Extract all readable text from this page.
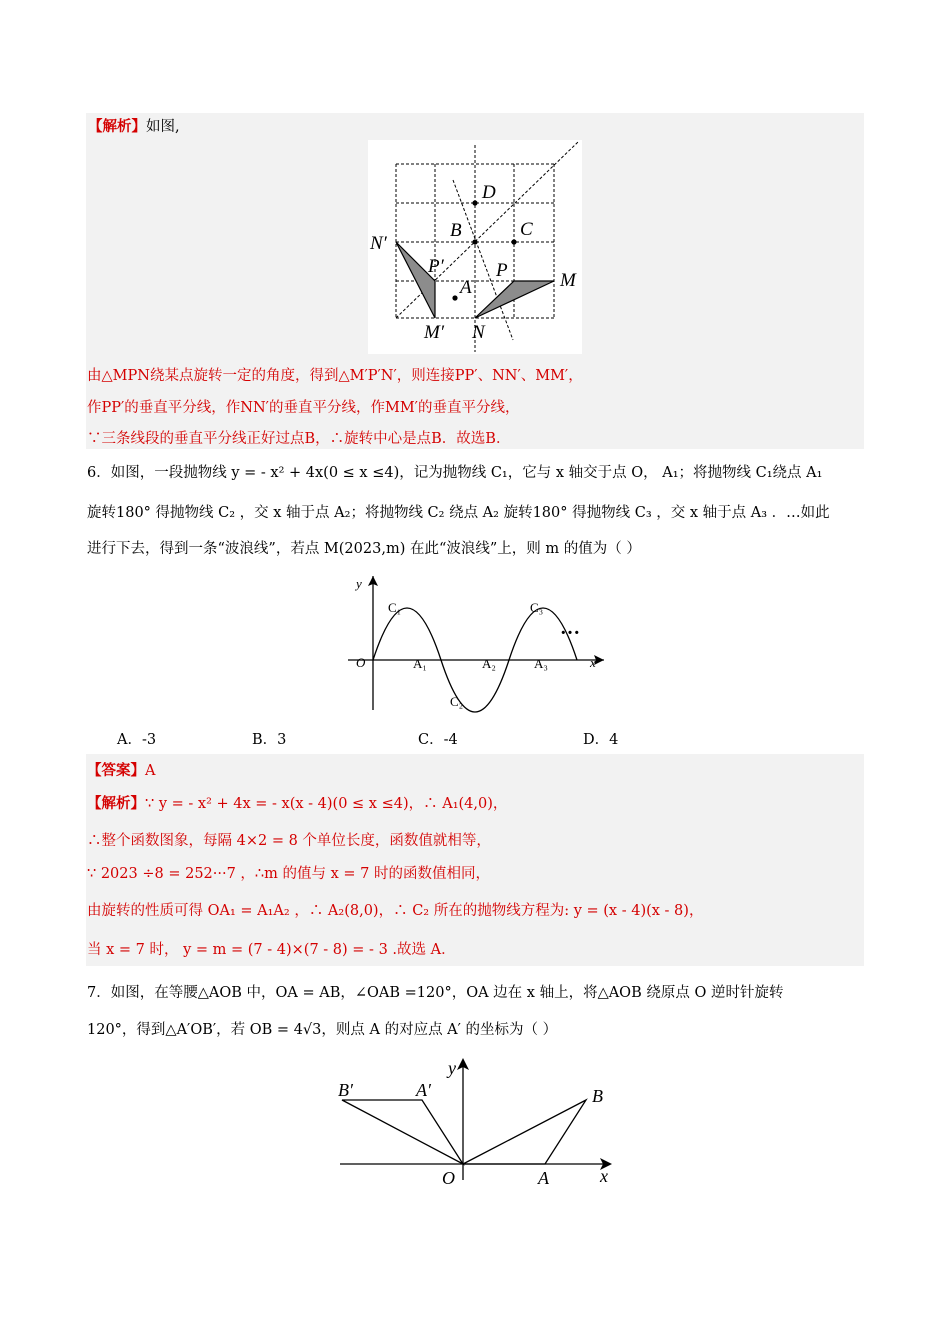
【解析】如图,
D
B	C
N′
P′	P	M
A
M′ N
由△MPN绕某点旋转一定的角度，得到△M′P′N′，则连接PP′、NN′、MM′，
作PP′的垂直平分线，作NN′的垂直平分线，作MM′的垂直平分线，
∵三条线段的垂直平分线正好过点B，∴旋转中心是点B．故选B．
6．如图，一段抛物线 y = - x² + 4x(0 ≤ x ≤4)，记为抛物线 C₁，它与 x 轴交于点 O， A₁；将抛物线 C₁绕点 A₁
旋转180° 得抛物线 C₂ ，交 x 轴于点 A₂；将抛物线 C₂ 绕点 A₂ 旋转180° 得抛物线 C₃ ，交 x 轴于点 A₃ ．…如此
进行下去，得到一条“波浪线”，若点 M(2023,m) 在此“波浪线”上，则 m 的值为（ ）
y
x
O
C₁
C₂
C₃
A₁	A₂	A₃
…
A．-3	B．3	C．-4	D．4
【答案】A
【解析】∵ y = - x² + 4x = - x(x - 4)(0 ≤ x ≤4)，∴ A₁(4,0)，
∴整个函数图象，每隔 4×2 = 8 个单位长度，函数值就相等，
∵ 2023 ÷8 = 252···7 ，∴m 的值与 x = 7 时的函数值相同，
由旋转的性质可得 OA₁ = A₁A₂ ，∴ A₂(8,0)，∴ C₂ 所在的抛物线方程为: y = (x - 4)(x - 8)，
当 x = 7 时， y = m = (7 - 4)×(7 - 8) = - 3 .故选 A．
7．如图，在等腰△AOB 中，OA = AB，∠OAB =120°，OA 边在 x 轴上，将△AOB 绕原点 O 逆时针旋转
120°，得到△A′OB′，若 OB = 4√3，则点 A 的对应点 A′ 的坐标为（ ）
B′	A′
y
B
O	A	x
